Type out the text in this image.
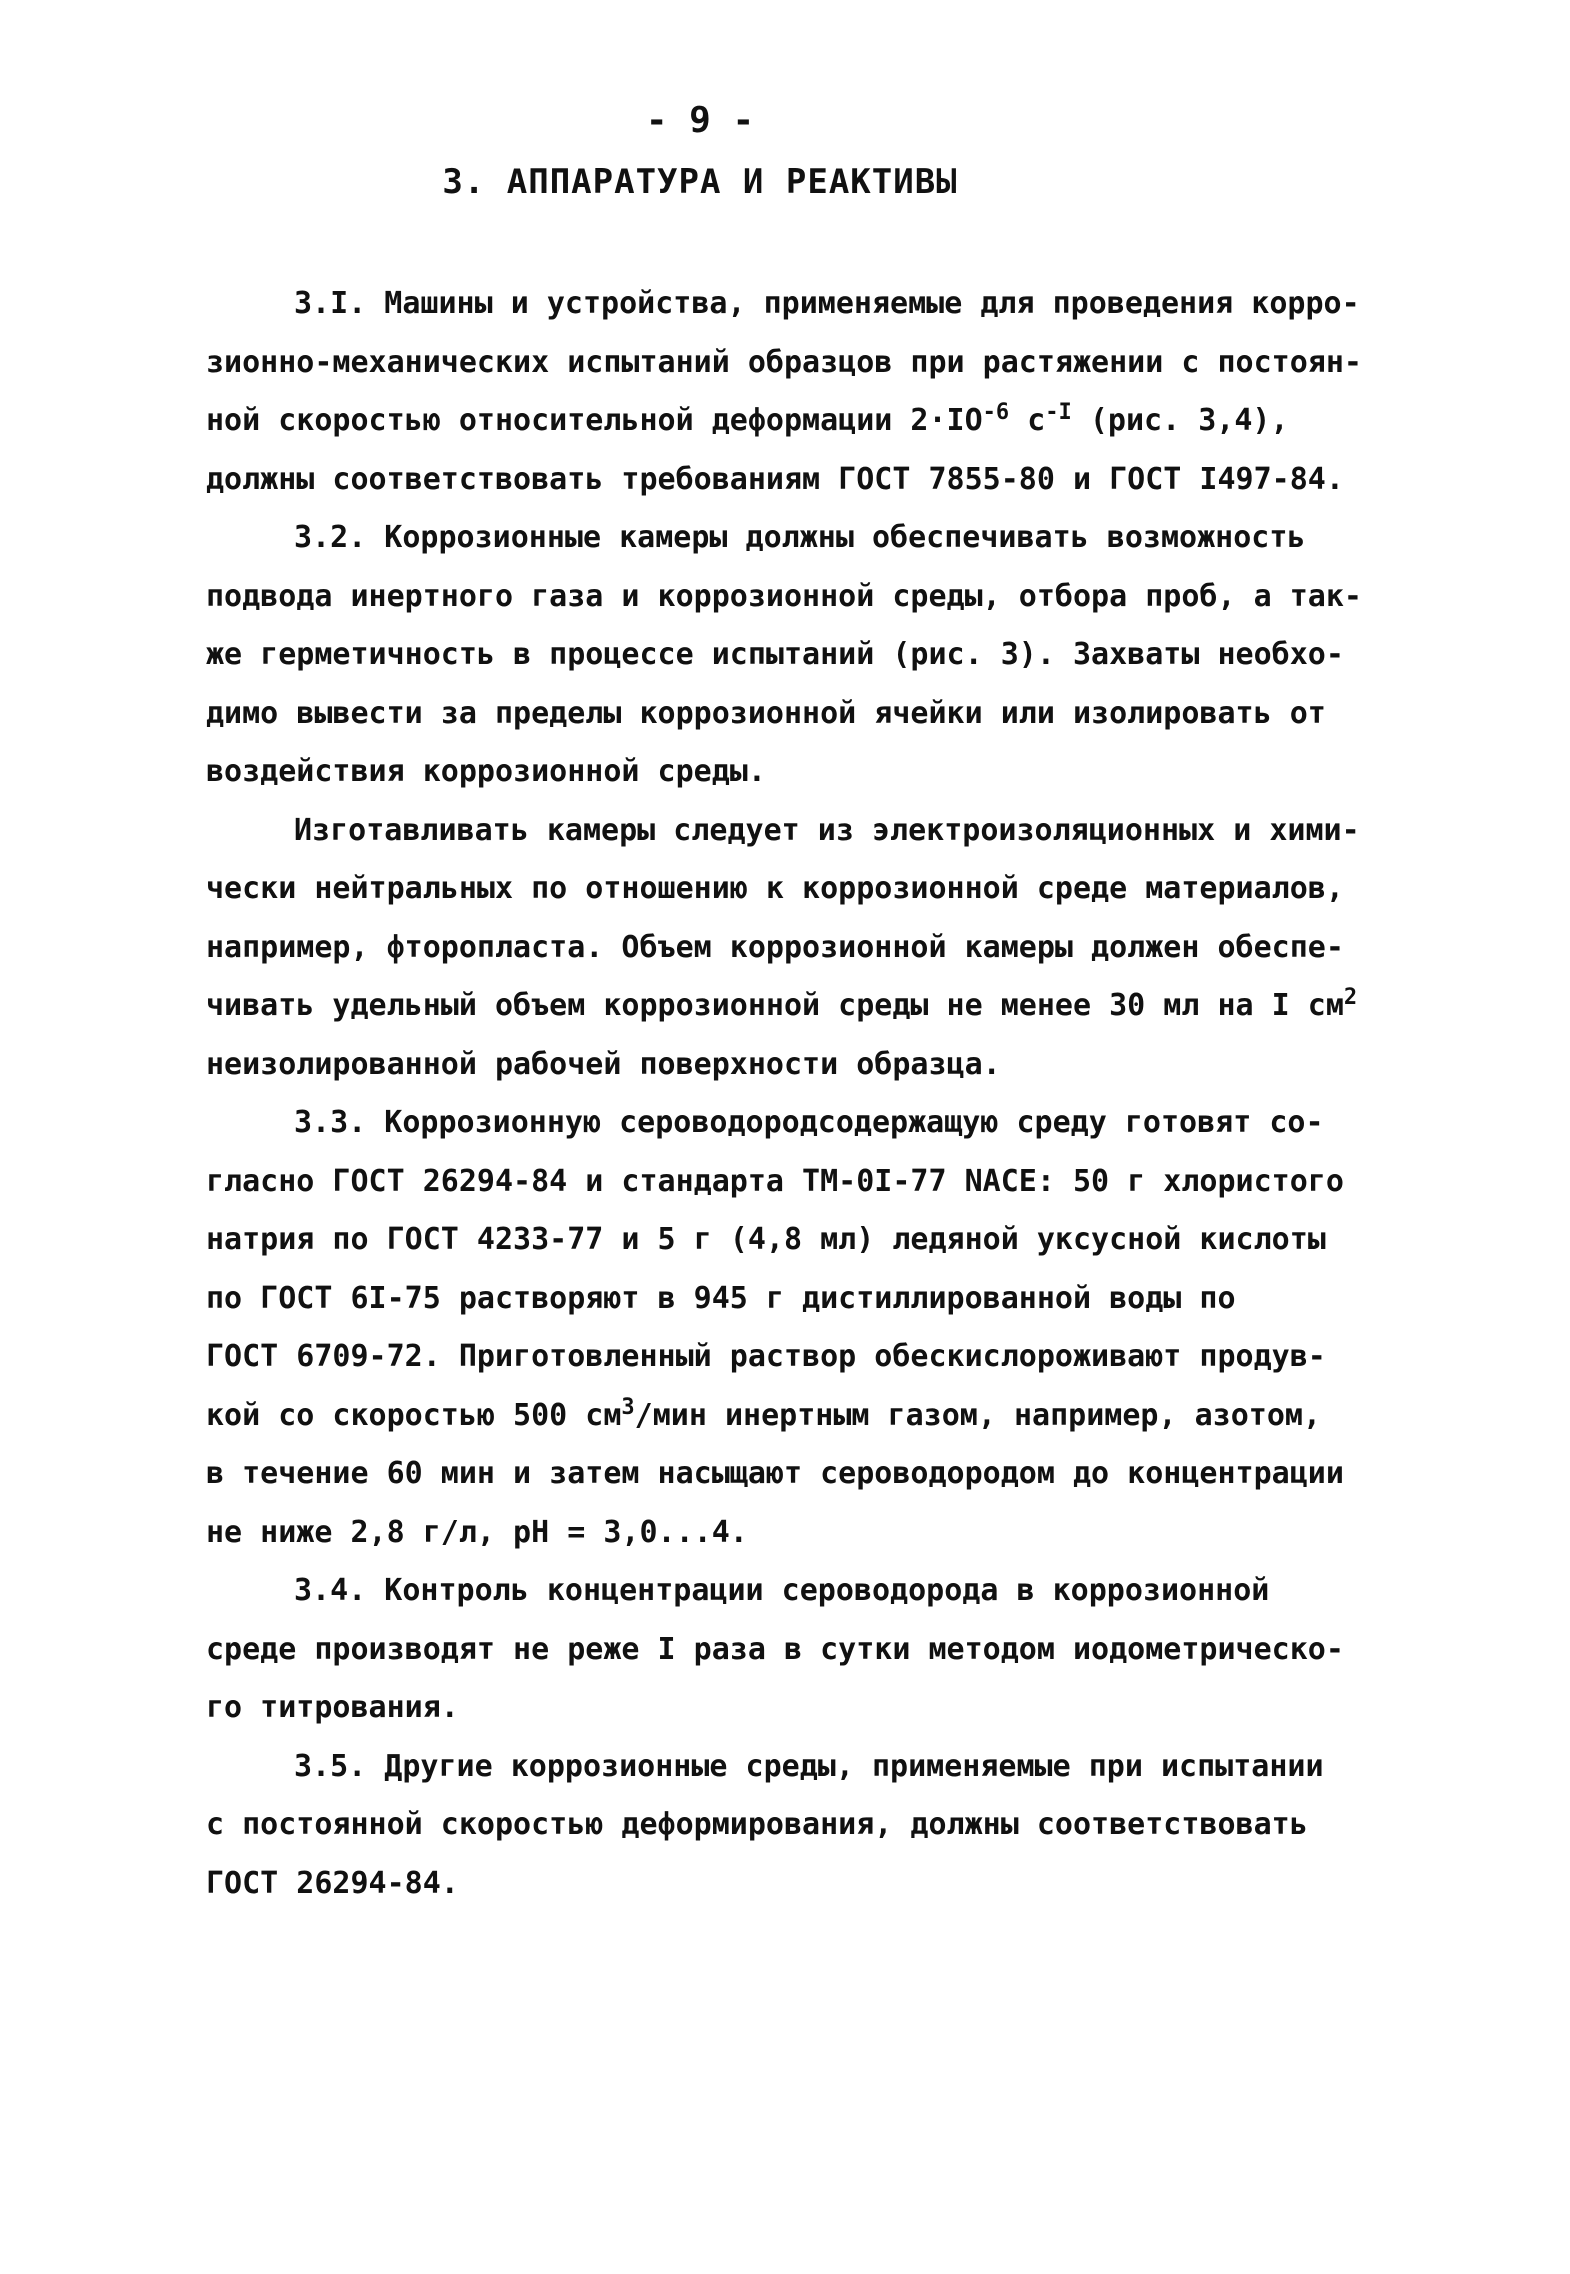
- 9 -
3. АППАРАТУРА И РЕАКТИВЫ
3.I. Машины и устройства, применяемые для проведения корро-
зионно-механических испытаний образцов при растяжении с постоян-
ной скоростью относительной деформации $2\cdot IO^{-6}$ $с^{-I}$ (рис. 3,4),
должны соответствовать требованиям ГОСТ 7855-80 и ГОСТ I497-84.
3.2. Коррозионные камеры должны обеспечивать возможность
подвода инертного газа и коррозионной среды, отбора проб, а так-
же герметичность в процессе испытаний (рис. 3). Захваты необхо-
димо вывести за пределы коррозионной ячейки или изолировать от
воздействия коррозионной среды.
Изготавливать камеры следует из электроизоляционных и хими-
чески нейтральных по отношению к коррозионной среде материалов,
например, фторопласта. Объем коррозионной камеры должен обеспе-
чивать удельный объем коррозионной среды не менее 30 мл на I $см^2$
неизолированной рабочей поверхности образца.
3.3. Коррозионную сероводородсодержащую среду готовят со-
гласно ГОСТ 26294-84 и стандарта ТМ-0I-77 NACE: 50 г хлористого
натрия по ГОСТ 4233-77 и 5 г (4,8 мл) ледяной уксусной кислоты
по ГОСТ 6I-75 растворяют в 945 г дистиллированной воды по
ГОСТ 6709-72. Приготовленный раствор обескислороживают продув-
кой со скоростью 500 $см^3$/мин инертным газом, например, азотом,
в течение 60 мин и затем насыщают сероводородом до концентрации
не ниже 2,8 г/л, рН = 3,0...4.
3.4. Контроль концентрации сероводорода в коррозионной
среде производят не реже I раза в сутки методом иодометрическо-
го титрования.
3.5. Другие коррозионные среды, применяемые при испытании
с постоянной скоростью деформирования, должны соответствовать
ГОСТ 26294-84.
